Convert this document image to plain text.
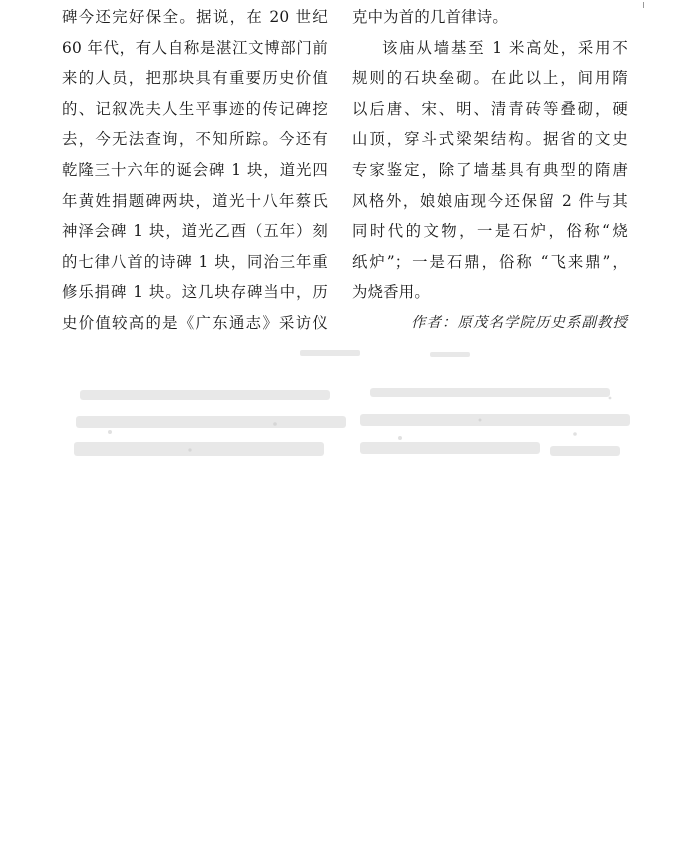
碑今还完好保全。据说，在 20 世纪
60 年代，有人自称是湛江文博部门前
来的人员，把那块具有重要历史价值
的、记叙冼夫人生平事迹的传记碑挖
去，今无法查询，不知所踪。今还有
乾隆三十六年的诞会碑 1 块，道光四
年黄姓捐题碑两块，道光十八年蔡氏
神泽会碑 1 块，道光乙酉（五年）刻
的七律八首的诗碑 1 块，同治三年重
修乐捐碑 1 块。这几块存碑当中，历
史价值较高的是《广东通志》采访仪
克中为首的几首律诗。
该庙从墙基至 1 米高处，采用不
规则的石块垒砌。在此以上，间用隋
以后唐、宋、明、清青砖等叠砌，硬
山顶，穿斗式梁架结构。据省的文史
专家鉴定，除了墙基具有典型的隋唐
风格外，娘娘庙现今还保留 2 件与其
同时代的文物，一是石炉，俗称“烧
纸炉”；一是石鼎，俗称 “飞来鼎”，
为烧香用。
作者：原茂名学院历史系副教授
